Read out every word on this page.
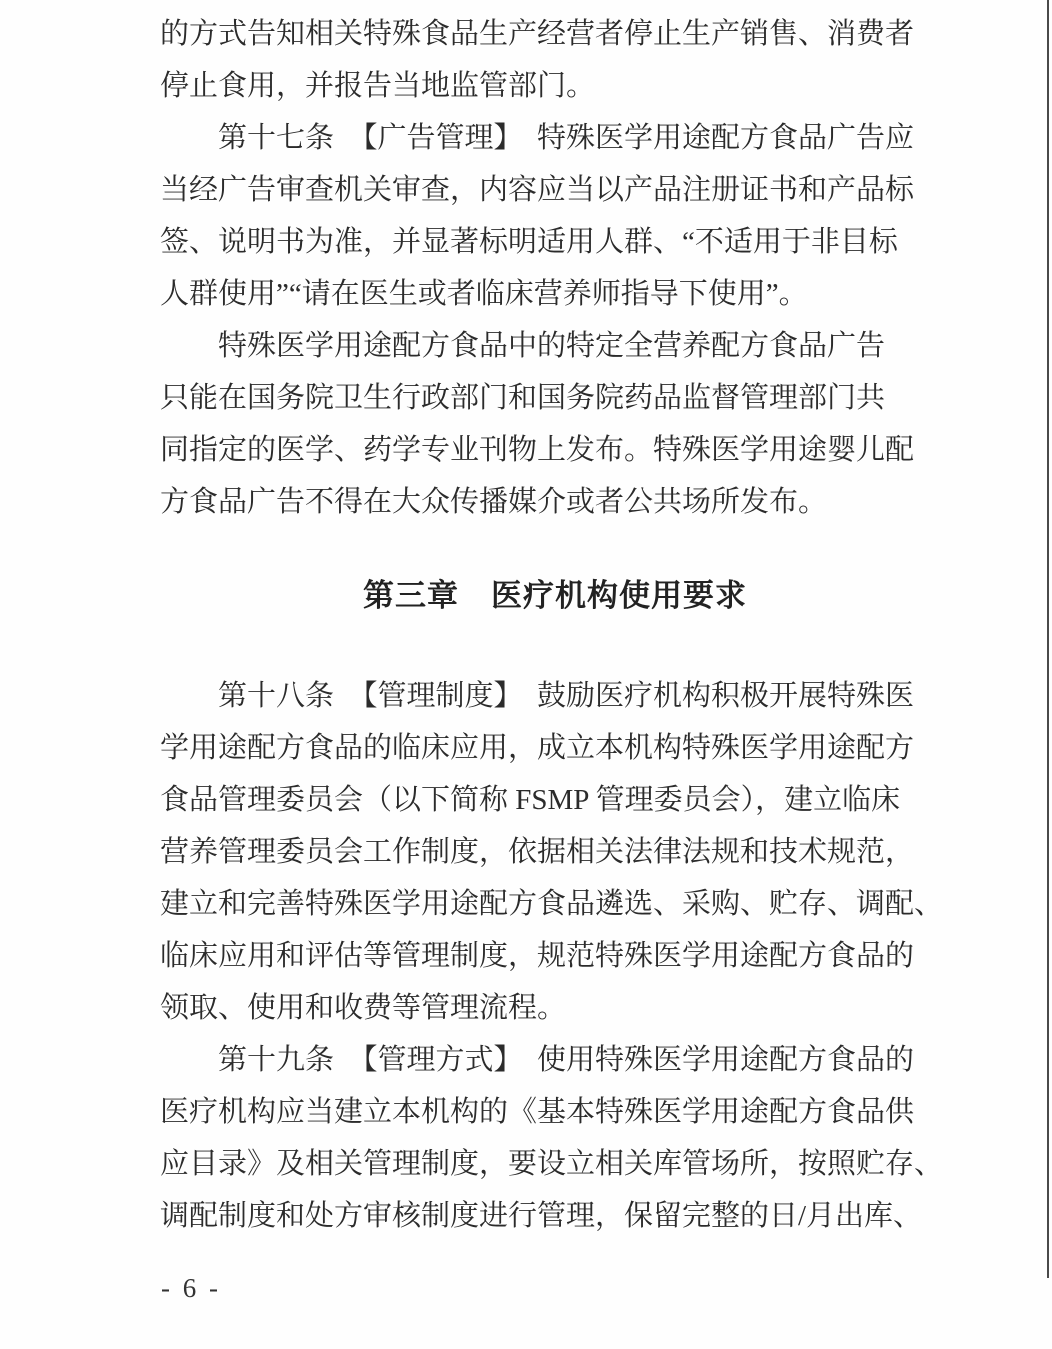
的方式告知相关特殊食品生产经营者停止生产销售、消费者
停止食用，并报告当地监管部门。
第十七条  【广告管理】  特殊医学用途配方食品广告应
当经广告审查机关审查，内容应当以产品注册证书和产品标
签、说明书为准，并显著标明适用人群、“不适用于非目标
人群使用”“请在医生或者临床营养师指导下使用”。
特殊医学用途配方食品中的特定全营养配方食品广告
只能在国务院卫生行政部门和国务院药品监督管理部门共
同指定的医学、药学专业刊物上发布。特殊医学用途婴儿配
方食品广告不得在大众传播媒介或者公共场所发布。
第三章　医疗机构使用要求
第十八条  【管理制度】  鼓励医疗机构积极开展特殊医
学用途配方食品的临床应用，成立本机构特殊医学用途配方
食品管理委员会（以下简称 FSMP 管理委员会），建立临床
营养管理委员会工作制度，依据相关法律法规和技术规范，
建立和完善特殊医学用途配方食品遴选、采购、贮存、调配、
临床应用和评估等管理制度，规范特殊医学用途配方食品的
领取、使用和收费等管理流程。
第十九条  【管理方式】  使用特殊医学用途配方食品的
医疗机构应当建立本机构的《基本特殊医学用途配方食品供
应目录》及相关管理制度，要设立相关库管场所，按照贮存、
调配制度和处方审核制度进行管理，保留完整的日/月出库、
- 6 -
